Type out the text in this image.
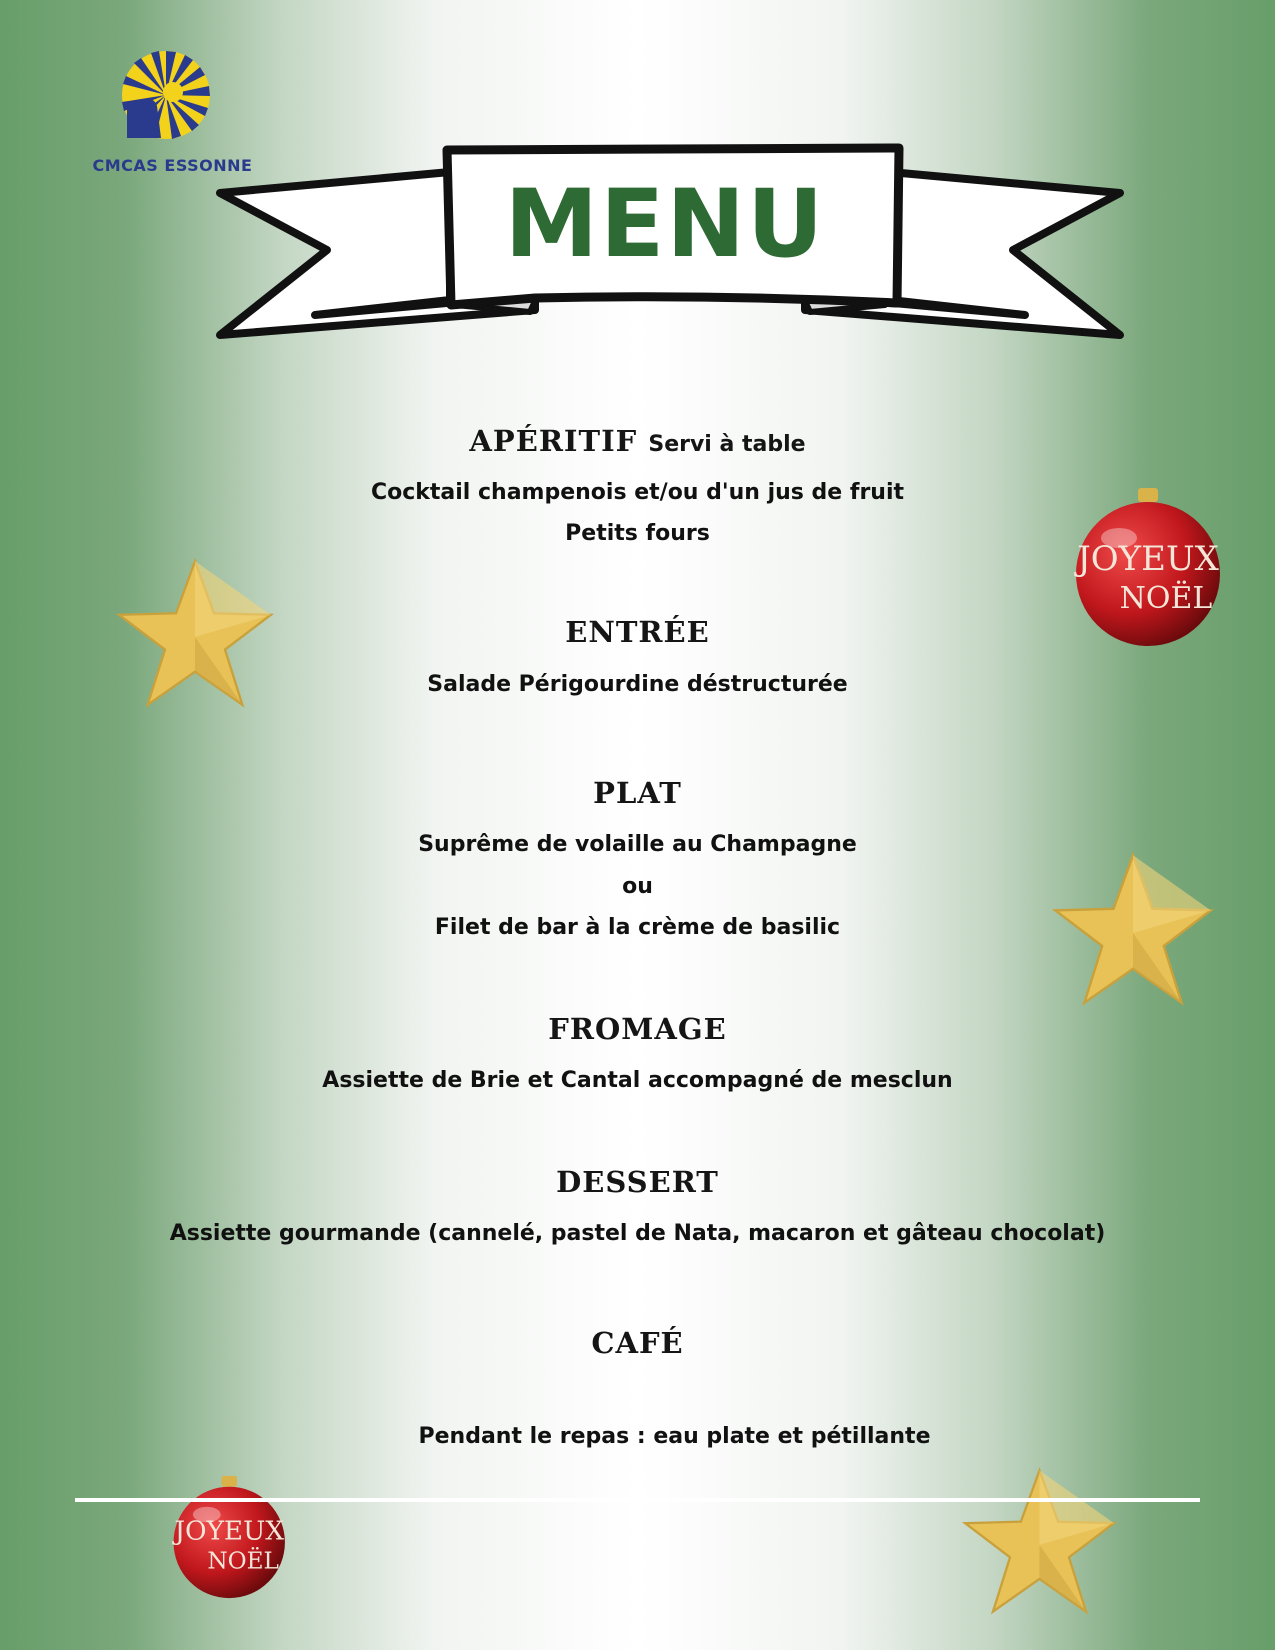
CMCAS ESSONNE
MENU
JOYEUX
NOËL
JOYEUX
NOËL
APÉRITIF Servi à table
Cocktail champenois et/ou d'un jus de fruit
Petits fours
ENTRÉE
Salade Périgourdine déstructurée
PLAT
Suprême de volaille au Champagne
ou
Filet de bar à la crème de basilic
FROMAGE
Assiette de Brie et Cantal accompagné de mesclun
DESSERT
Assiette gourmande (cannelé, pastel de Nata, macaron et gâteau chocolat)
CAFÉ
Pendant le repas : eau plate et pétillante
